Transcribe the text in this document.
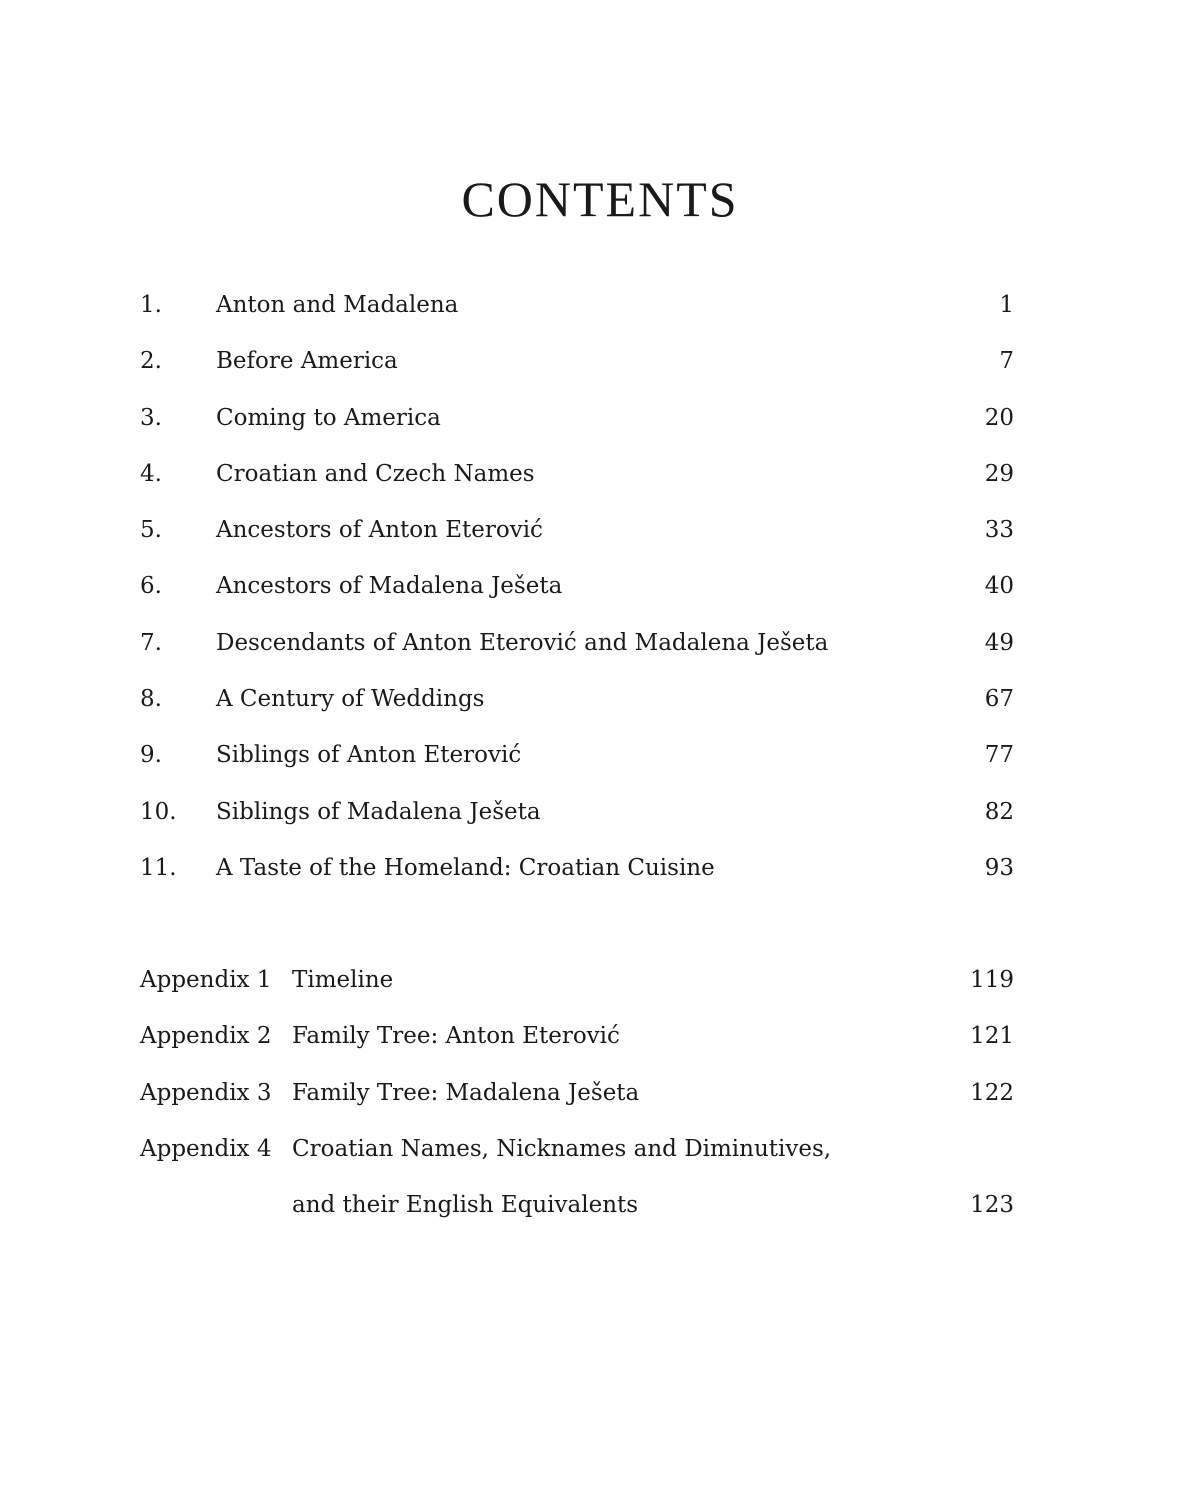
CONTENTS
1. Anton and Madalena	1
2. Before America	7
3. Coming to America	20
4. Croatian and Czech Names	29
5. Ancestors of Anton Eterović	33
6. Ancestors of Madalena Ješeta	40
7. Descendants of Anton Eterović and Madalena Ješeta	49
8. A Century of Weddings	67
9. Siblings of Anton Eterović	77
10. Siblings of Madalena Ješeta	82
11. A Taste of the Homeland: Croatian Cuisine	93
Appendix 1 Timeline	119
Appendix 2 Family Tree: Anton Eterović	121
Appendix 3 Family Tree: Madalena Ješeta	122
Appendix 4 Croatian Names, Nicknames and Diminutives,
and their English Equivalents	123
